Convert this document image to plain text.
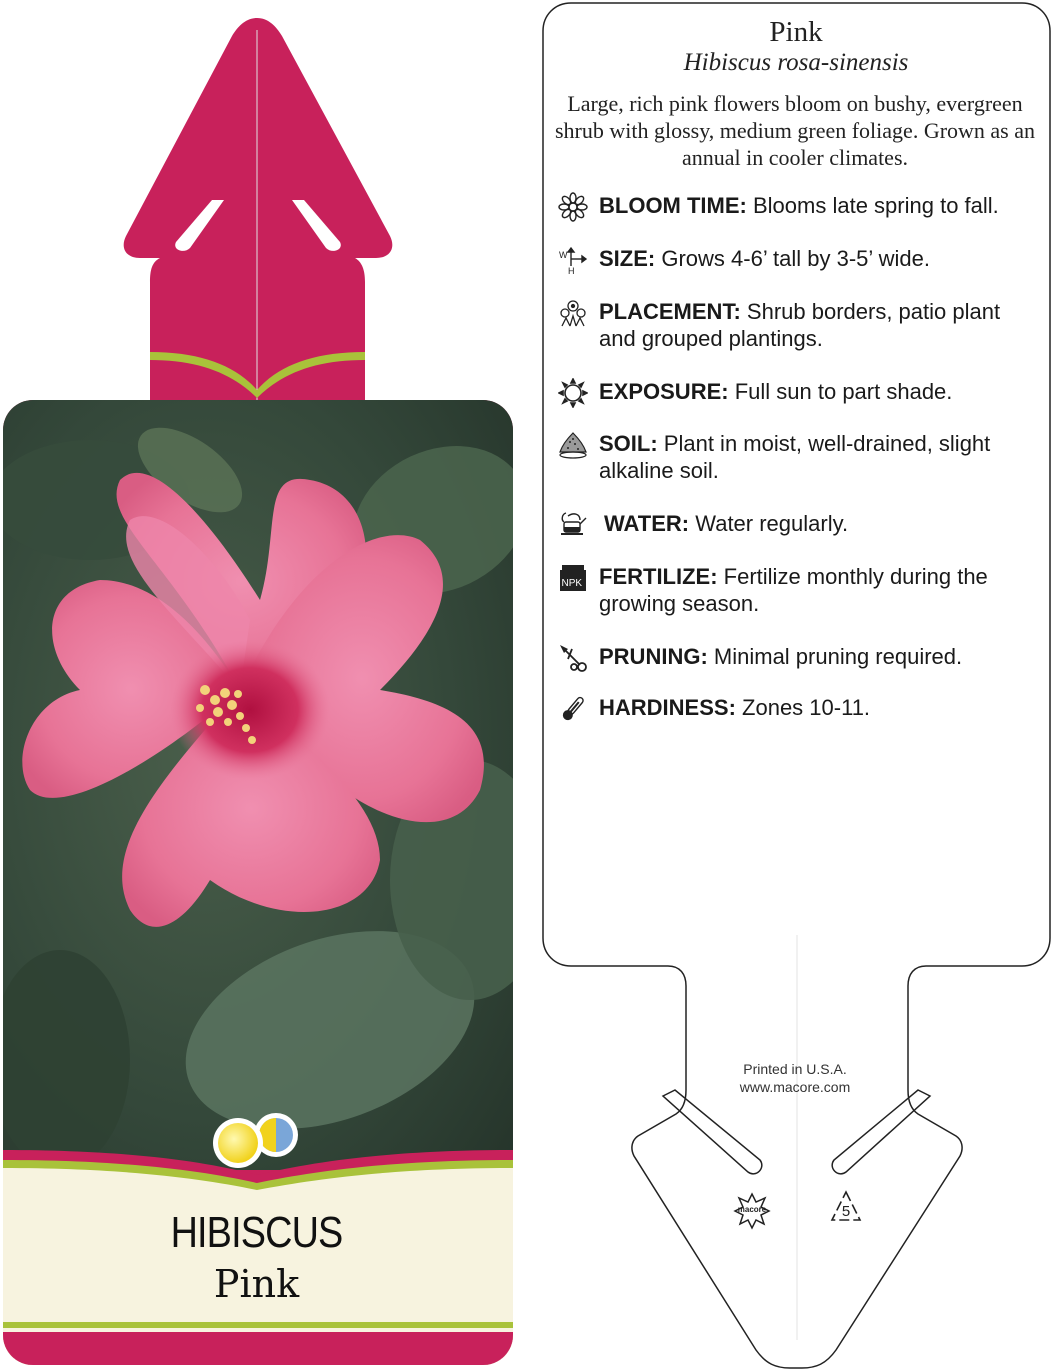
HIBISCUS
Pink
Pink
Hibiscus rosa-sinensis
Large, rich pink flowers bloom on bushy, evergreen shrub with glossy, medium green foliage. Grown as an annual in cooler climates.
BLOOM TIME: Blooms late spring to fall.
W
H SIZE: Grows 4-6’ tall by 3-5’ wide.
PLACEMENT: Shrub borders, patio plant and grouped plantings.
EXPOSURE: Full sun to part shade.
SOIL: Plant in moist, well-drained, slight alkaline soil.
WATER: Water regularly.
NPK FERTILIZE: Fertilize monthly during the growing season.
PRUNING: Minimal pruning required.
HARDINESS: Zones 10-11.
Printed in U.S.A.
www.macore.com
macore	5
